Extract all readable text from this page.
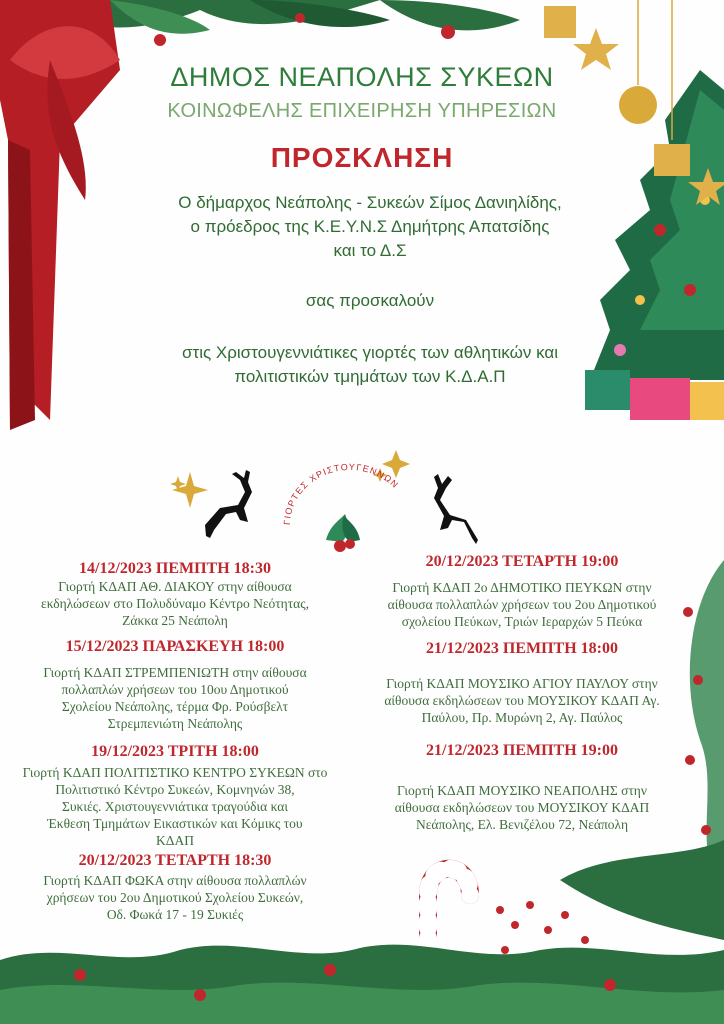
ΔΗΜΟΣ ΝΕΑΠΟΛΗΣ ΣΥΚΕΩΝ
ΚΟΙΝΩΦΕΛΗΣ ΕΠΙΧΕΙΡΗΣΗ ΥΠΗΡΕΣΙΩΝ
ΠΡΟΣΚΛΗΣΗ
Ο δήμαρχος Νεάπολης - Συκεών Σίμος Δανιηλίδης,
ο πρόεδρος της Κ.Ε.Υ.Ν.Σ Δημήτρης Απατσίδης
και το Δ.Σ
σας προσκαλούν
στις Χριστουγεννιάτικες γιορτές των αθλητικών και
πολιτιστικών τμημάτων των Κ.Δ.Α.Π
ΓΙΟΡΤΕΣ ΧΡΙΣΤΟΥΓΕΝΝΩΝ
14/12/2023 ΠΕΜΠΤΗ 18:30
Γιορτή ΚΔΑΠ ΑΘ. ΔΙΑΚΟΥ στην αίθουσα
εκδηλώσεων στο Πολυδύναμο Κέντρο Νεότητας,
Ζάκκα 25 Νεάπολη
15/12/2023 ΠΑΡΑΣΚΕΥΗ 18:00
Γιορτή ΚΔΑΠ ΣΤΡΕΜΠΕΝΙΩΤΗ στην αίθουσα
πολλαπλών χρήσεων του 10ου Δημοτικού
Σχολείου Νεάπολης, τέρμα Φρ. Ρούσβελτ
Στρεμπενιώτη Νεάπολης
19/12/2023 ΤΡΙΤΗ 18:00
Γιορτή ΚΔΑΠ ΠΟΛΙΤΙΣΤΙΚΟ ΚΕΝΤΡΟ ΣΥΚΕΩΝ στο
Πολιτιστικό Κέντρο Συκεών, Κομνηνών 38,
Συκιές. Χριστουγεννιάτικα τραγούδια και
Έκθεση Τμημάτων Εικαστικών και Κόμικς του
ΚΔΑΠ
20/12/2023 ΤΕΤΑΡΤΗ 18:30
Γιορτή ΚΔΑΠ ΦΩΚΑ στην αίθουσα πολλαπλών
χρήσεων του 2ου Δημοτικού Σχολείου Συκεών,
Οδ. Φωκά 17 - 19 Συκιές
20/12/2023 ΤΕΤΑΡΤΗ 19:00
Γιορτή ΚΔΑΠ 2ο ΔΗΜΟΤΙΚΟ ΠΕΥΚΩΝ στην
αίθουσα πολλαπλών χρήσεων του 2ου Δημοτικού
σχολείου Πεύκων, Τριών Ιεραρχών 5 Πεύκα
21/12/2023 ΠΕΜΠΤΗ 18:00
Γιορτή ΚΔΑΠ ΜΟΥΣΙΚΟ ΑΓΙΟΥ ΠΑΥΛΟΥ στην
αίθουσα εκδηλώσεων του ΜΟΥΣΙΚΟΥ ΚΔΑΠ Αγ.
Παύλου, Πρ. Μυρώνη 2, Αγ. Παύλος
21/12/2023 ΠΕΜΠΤΗ 19:00
Γιορτή ΚΔΑΠ ΜΟΥΣΙΚΟ ΝΕΑΠΟΛΗΣ στην
αίθουσα εκδηλώσεων του ΜΟΥΣΙΚΟΥ ΚΔΑΠ
Νεάπολης, Ελ. Βενιζέλου 72, Νεάπολη
